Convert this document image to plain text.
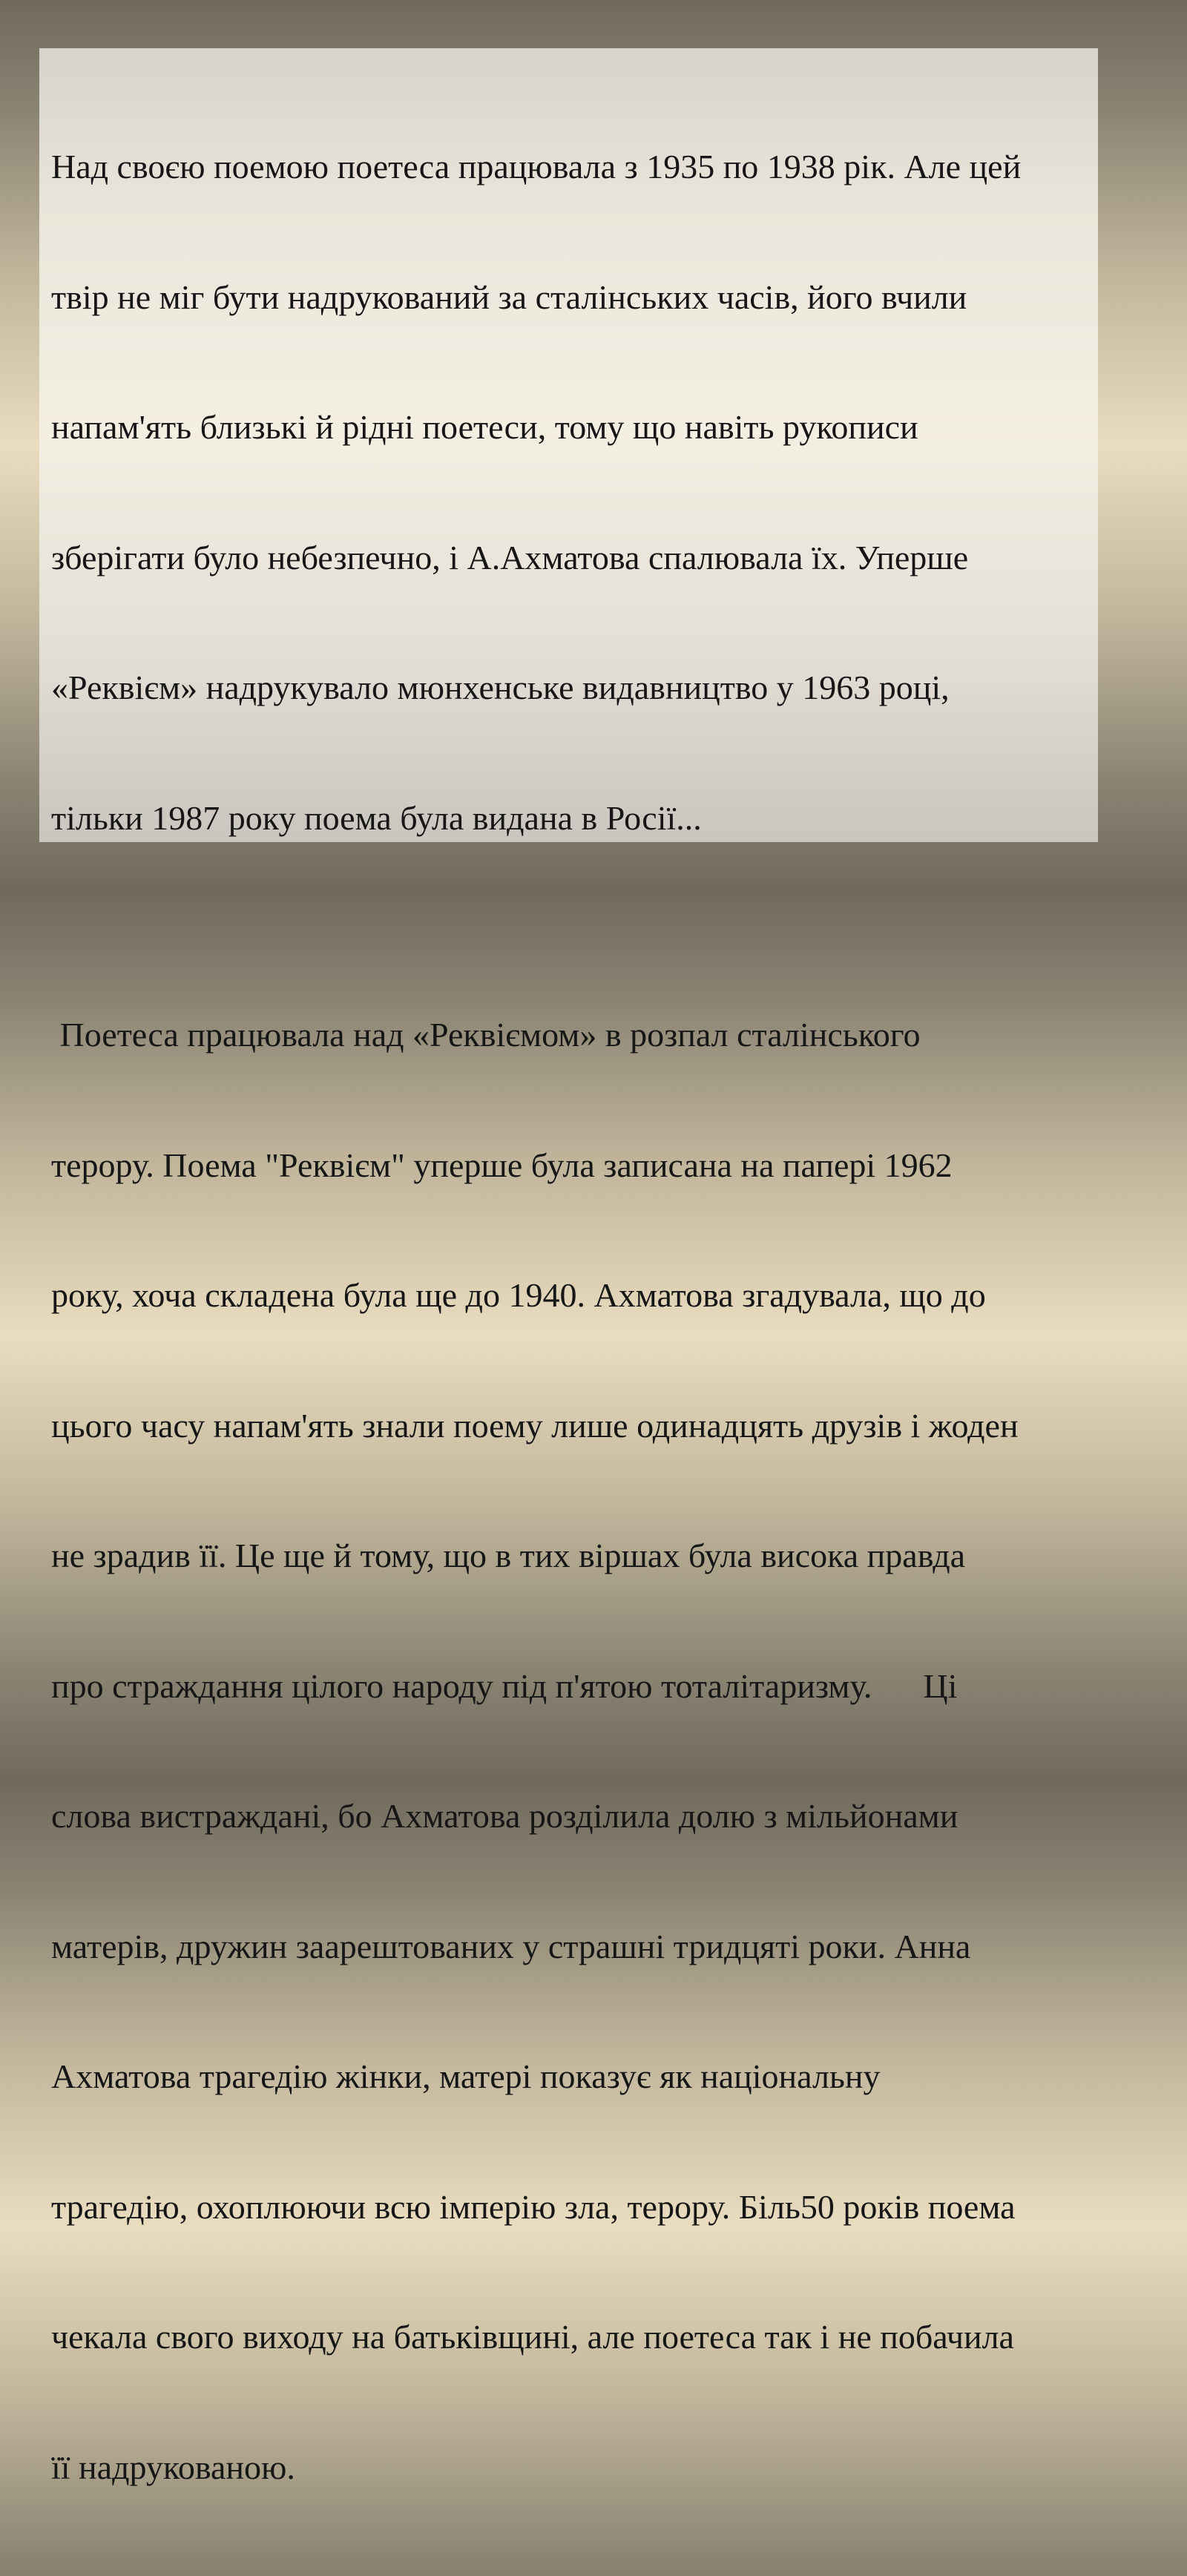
Над своєю поемою поетеса працювала з 1935 по 1938 рік. Але цей

твір не міг бути надрукований за сталінських часів, його вчили

напам'ять близькі й рідні поетеси, тому що навіть рукописи

зберігати було небезпечно, і А.Ахматова спалювала їх. Уперше

«Реквієм» надрукувало мюнхенське видавництво у 1963 році,

тільки 1987 року поема була видана в Росії...

Поетеса працювала над «Реквіємом» в розпал сталінського

терору. Поема "Реквієм" уперше була записана на папері 1962

року, хоча складена була ще до 1940. Ахматова згадувала, що до

цього часу напам'ять знали поему лише одинадцять друзів і жоден

не зрадив її. Це ще й тому, що в тих віршах була висока правда

про страждання цілого народу під п'ятою тоталітаризму.      Ці

слова вистраждані, бо Ахматова розділила долю з мільйонами

матерів, дружин заарештованих у страшні тридцяті роки. Анна

Ахматова трагедію жінки, матері показує як національну

трагедію, охоплюючи всю імперію зла, терору. Біль50 років поема

чекала свого виходу на батьківщині, але поетеса так і не побачила

її надрукованою.
